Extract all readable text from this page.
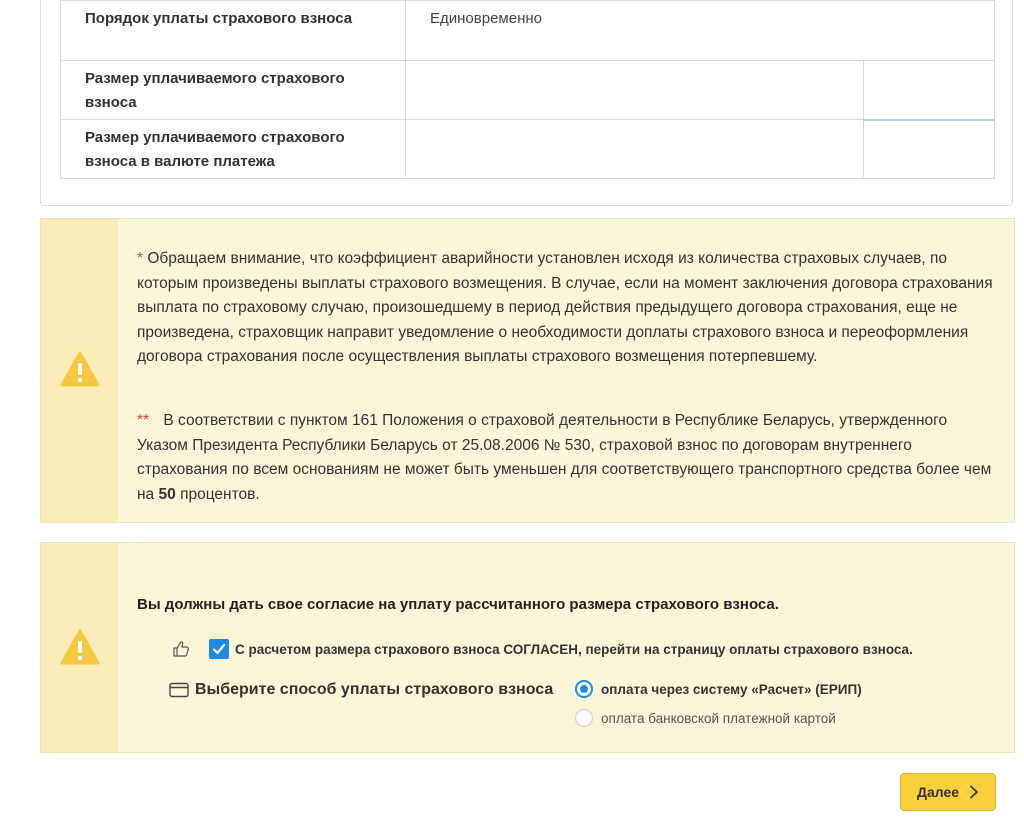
Порядок уплаты страхового взноса	Единовременно	
Размер уплачиваемого страхового взноса		
Размер уплачиваемого страхового взноса в валюте платежа		
* Обращаем внимание, что коэффициент аварийности установлен исходя из количества страховых случаев, по которым произведены выплаты страхового возмещения. В случае, если на момент заключения договора страхования выплата по страховому случаю, произошедшему в период действия предыдущего договора страхования, еще не произведена, страховщик направит уведомление о необходимости доплаты страхового взноса и переоформления договора страхования после осуществления выплаты страхового возмещения потерпевшему.
** В соответствии с пунктом 161 Положения о страховой деятельности в Республике Беларусь, утвержденного Указом Президента Республики Беларусь от 25.08.2006 № 530, страховой взнос по договорам внутреннего страхования по всем основаниям не может быть уменьшен для соответствующего транспортного средства более чем на 50 процентов.
Вы должны дать свое согласие на уплату рассчитанного размера страхового взноса.
С расчетом размера страхового взноса СОГЛАСЕН, перейти на страницу оплаты страхового взноса.
Выберите способ уплаты страхового взноса	оплата через систему «Расчет» (ЕРИП)
оплата банковской платежной картой
Далее
